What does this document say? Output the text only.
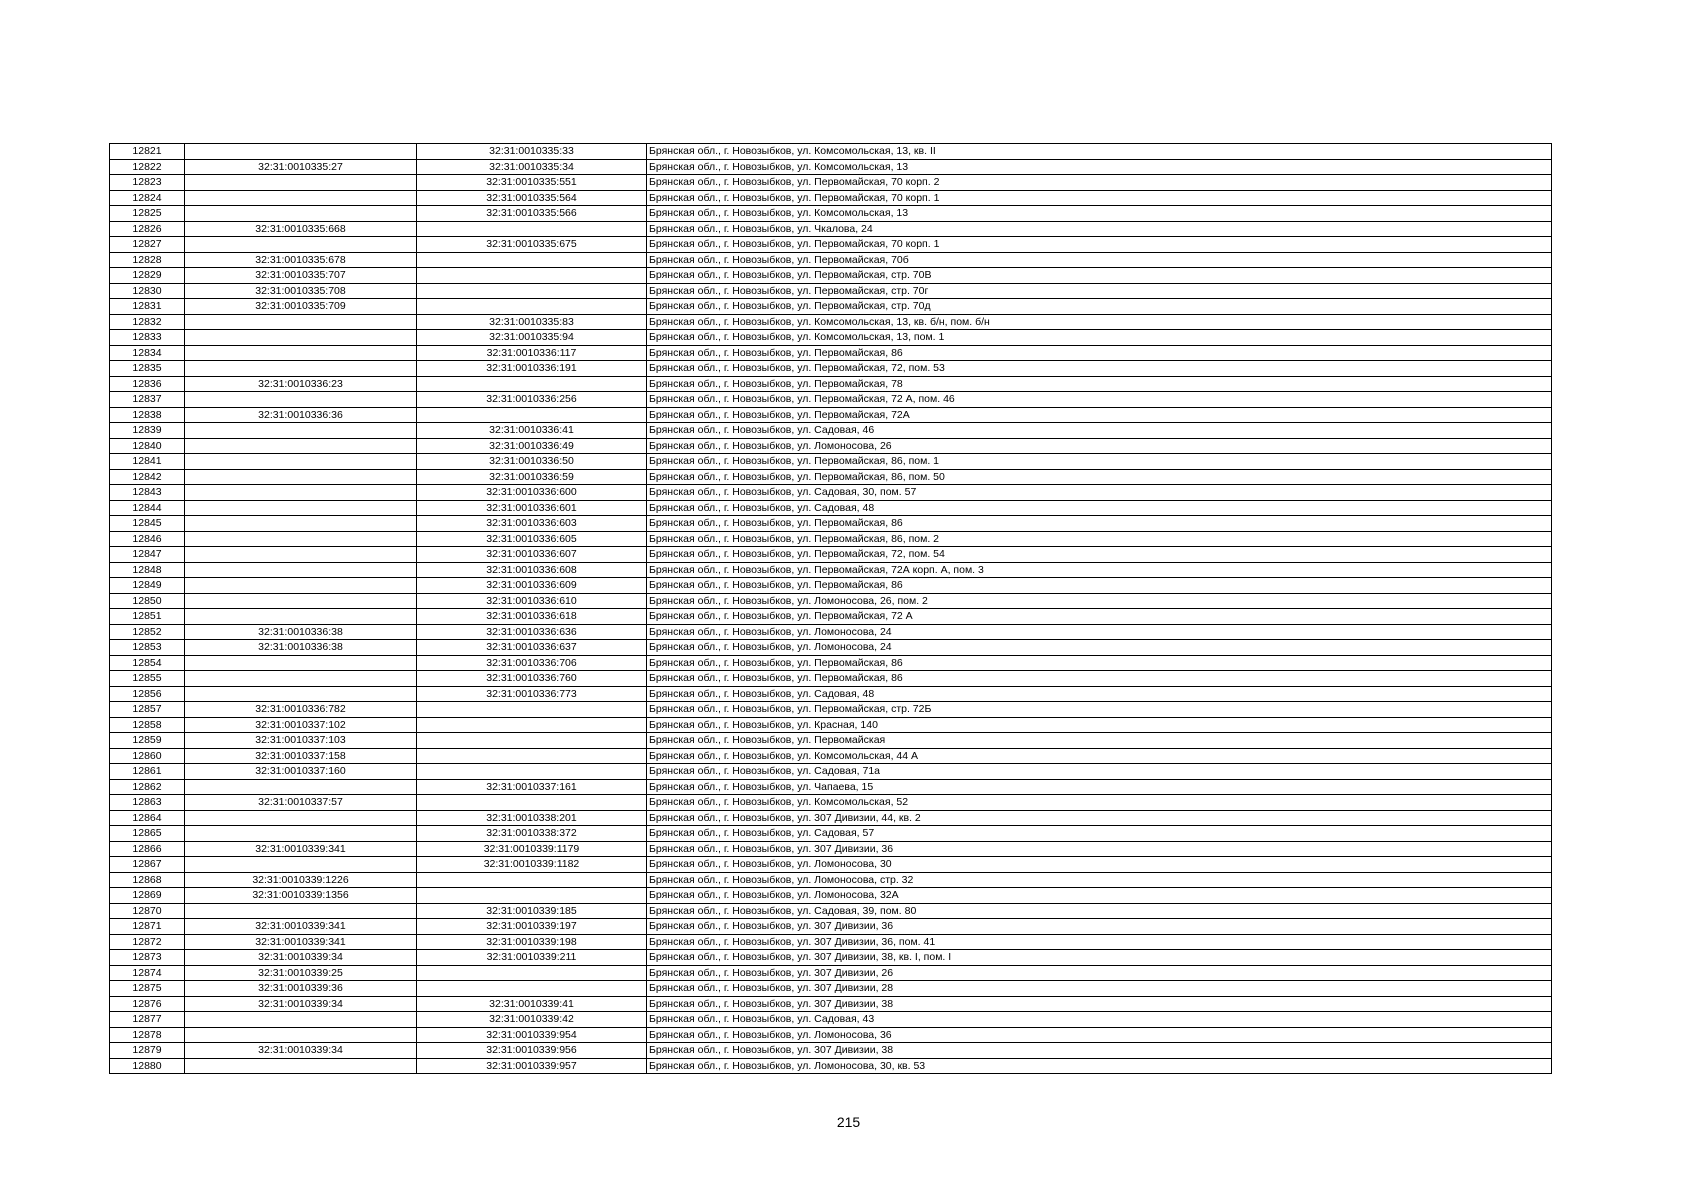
12821		32:31:0010335:33	Брянская обл., г. Новозыбков, ул. Комсомольская, 13, кв. II
12822	32:31:0010335:27	32:31:0010335:34	Брянская обл., г. Новозыбков, ул. Комсомольская, 13
12823		32:31:0010335:551	Брянская обл., г. Новозыбков, ул. Первомайская, 70 корп. 2
12824		32:31:0010335:564	Брянская обл., г. Новозыбков, ул. Первомайская, 70 корп. 1
12825		32:31:0010335:566	Брянская обл., г. Новозыбков, ул. Комсомольская, 13
12826	32:31:0010335:668		Брянская обл., г. Новозыбков, ул. Чкалова, 24
12827		32:31:0010335:675	Брянская обл., г. Новозыбков, ул. Первомайская, 70 корп. 1
12828	32:31:0010335:678		Брянская обл., г. Новозыбков, ул. Первомайская, 70б
12829	32:31:0010335:707		Брянская обл., г. Новозыбков, ул. Первомайская, стр. 70В
12830	32:31:0010335:708		Брянская обл., г. Новозыбков, ул. Первомайская, стр. 70г
12831	32:31:0010335:709		Брянская обл., г. Новозыбков, ул. Первомайская, стр. 70д
12832		32:31:0010335:83	Брянская обл., г. Новозыбков, ул. Комсомольская, 13, кв. б/н, пом. б/н
12833		32:31:0010335:94	Брянская обл., г. Новозыбков, ул. Комсомольская, 13, пом. 1
12834		32:31:0010336:117	Брянская обл., г. Новозыбков, ул. Первомайская, 86
12835		32:31:0010336:191	Брянская обл., г. Новозыбков, ул. Первомайская, 72, пом. 53
12836	32:31:0010336:23		Брянская обл., г. Новозыбков, ул. Первомайская, 78
12837		32:31:0010336:256	Брянская обл., г. Новозыбков, ул. Первомайская, 72 А, пом. 46
12838	32:31:0010336:36		Брянская обл., г. Новозыбков, ул. Первомайская, 72А
12839		32:31:0010336:41	Брянская обл., г. Новозыбков, ул. Садовая, 46
12840		32:31:0010336:49	Брянская обл., г. Новозыбков, ул. Ломоносова, 26
12841		32:31:0010336:50	Брянская обл., г. Новозыбков, ул. Первомайская, 86, пом. 1
12842		32:31:0010336:59	Брянская обл., г. Новозыбков, ул. Первомайская, 86, пом. 50
12843		32:31:0010336:600	Брянская обл., г. Новозыбков, ул. Садовая, 30, пом. 57
12844		32:31:0010336:601	Брянская обл., г. Новозыбков, ул. Садовая, 48
12845		32:31:0010336:603	Брянская обл., г. Новозыбков, ул. Первомайская, 86
12846		32:31:0010336:605	Брянская обл., г. Новозыбков, ул. Первомайская, 86, пом. 2
12847		32:31:0010336:607	Брянская обл., г. Новозыбков, ул. Первомайская, 72, пом. 54
12848		32:31:0010336:608	Брянская обл., г. Новозыбков, ул. Первомайская, 72А корп. А, пом. 3
12849		32:31:0010336:609	Брянская обл., г. Новозыбков, ул. Первомайская, 86
12850		32:31:0010336:610	Брянская обл., г. Новозыбков, ул. Ломоносова, 26, пом. 2
12851		32:31:0010336:618	Брянская обл., г. Новозыбков, ул. Первомайская, 72 А
12852	32:31:0010336:38	32:31:0010336:636	Брянская обл., г. Новозыбков, ул. Ломоносова, 24
12853	32:31:0010336:38	32:31:0010336:637	Брянская обл., г. Новозыбков, ул. Ломоносова, 24
12854		32:31:0010336:706	Брянская обл., г. Новозыбков, ул. Первомайская, 86
12855		32:31:0010336:760	Брянская обл., г. Новозыбков, ул. Первомайская, 86
12856		32:31:0010336:773	Брянская обл., г. Новозыбков, ул. Садовая, 48
12857	32:31:0010336:782		Брянская обл., г. Новозыбков, ул. Первомайская, стр. 72Б
12858	32:31:0010337:102		Брянская обл., г. Новозыбков, ул. Красная, 140
12859	32:31:0010337:103		Брянская обл., г. Новозыбков, ул. Первомайская
12860	32:31:0010337:158		Брянская обл., г. Новозыбков, ул. Комсомольская, 44 А
12861	32:31:0010337:160		Брянская обл., г. Новозыбков, ул. Садовая, 71а
12862		32:31:0010337:161	Брянская обл., г. Новозыбков, ул. Чапаева, 15
12863	32:31:0010337:57		Брянская обл., г. Новозыбков, ул. Комсомольская, 52
12864		32:31:0010338:201	Брянская обл., г. Новозыбков, ул. 307 Дивизии, 44, кв. 2
12865		32:31:0010338:372	Брянская обл., г. Новозыбков, ул. Садовая, 57
12866	32:31:0010339:341	32:31:0010339:1179	Брянская обл., г. Новозыбков, ул. 307 Дивизии, 36
12867		32:31:0010339:1182	Брянская обл., г. Новозыбков, ул. Ломоносова, 30
12868	32:31:0010339:1226		Брянская обл., г. Новозыбков, ул. Ломоносова, стр. 32
12869	32:31:0010339:1356		Брянская обл., г. Новозыбков, ул. Ломоносова, 32А
12870		32:31:0010339:185	Брянская обл., г. Новозыбков, ул. Садовая, 39, пом. 80
12871	32:31:0010339:341	32:31:0010339:197	Брянская обл., г. Новозыбков, ул. 307 Дивизии, 36
12872	32:31:0010339:341	32:31:0010339:198	Брянская обл., г. Новозыбков, ул. 307 Дивизии, 36, пом. 41
12873	32:31:0010339:34	32:31:0010339:211	Брянская обл., г. Новозыбков, ул. 307 Дивизии, 38, кв. I, пом. I
12874	32:31:0010339:25		Брянская обл., г. Новозыбков, ул. 307 Дивизии, 26
12875	32:31:0010339:36		Брянская обл., г. Новозыбков, ул. 307 Дивизии, 28
12876	32:31:0010339:34	32:31:0010339:41	Брянская обл., г. Новозыбков, ул. 307 Дивизии, 38
12877		32:31:0010339:42	Брянская обл., г. Новозыбков, ул. Садовая, 43
12878		32:31:0010339:954	Брянская обл., г. Новозыбков, ул. Ломоносова, 36
12879	32:31:0010339:34	32:31:0010339:956	Брянская обл., г. Новозыбков, ул. 307 Дивизии, 38
12880		32:31:0010339:957	Брянская обл., г. Новозыбков, ул. Ломоносова, 30, кв. 53
215
